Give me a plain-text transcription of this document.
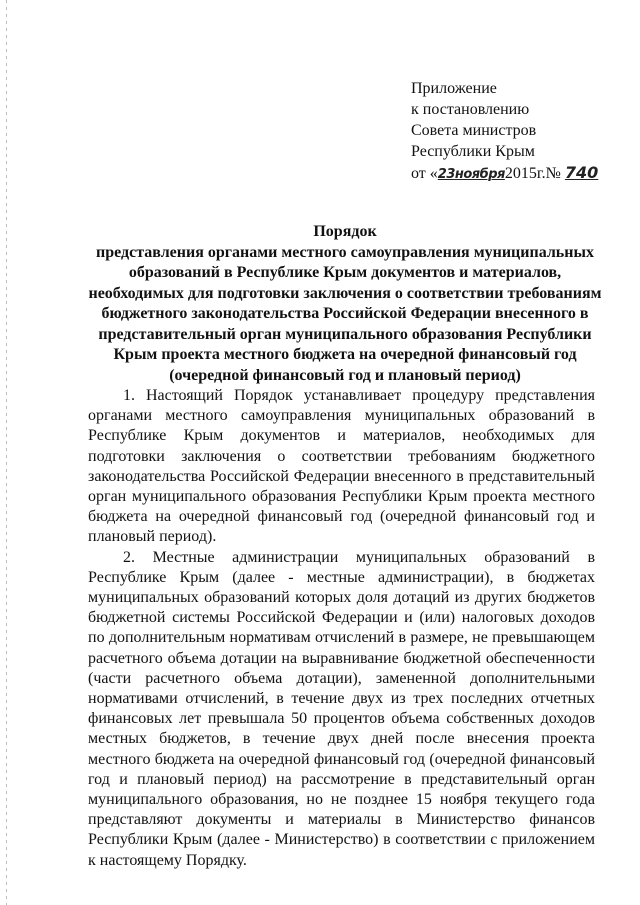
Приложение
к постановлению
Совета министров
Республики Крым
от «23ноября2015г.№ 740
Порядок
представления органами местного самоуправления муниципальных образований в Республике Крым документов и материалов, необходимых для подготовки заключения о соответствии требованиям бюджетного законодательства Российской Федерации внесенного в представительный орган муниципального образования Республики Крым проекта местного бюджета на очередной финансовый год (очередной финансовый год и плановый период)

1. Настоящий Порядок устанавливает процедуру представления органами местного самоуправления муниципальных образований в Республике Крым документов и материалов, необходимых для подготовки заключения о соответствии требованиям бюджетного законодательства Российской Федерации внесенного в представительный орган муниципального образования Республики Крым проекта местного бюджета на очередной финансовый год (очередной финансовый год и плановый период).

2. Местные администрации муниципальных образований в Республике Крым (далее - местные администрации), в бюджетах муниципальных образований которых доля дотаций из других бюджетов бюджетной системы Российской Федерации и (или) налоговых доходов по дополнительным нормативам отчислений в размере, не превышающем расчетного объема дотации на выравнивание бюджетной обеспеченности (части расчетного объема дотации), замененной дополнительными нормативами отчислений, в течение двух из трех последних отчетных финансовых лет превышала 50 процентов объема собственных доходов местных бюджетов, в течение двух дней после внесения проекта местного бюджета на очередной финансовый год (очередной финансовый год и плановый период) на рассмотрение в представительный орган муниципального образования, но не позднее 15 ноября текущего года представляют документы и материалы в Министерство финансов Республики Крым (далее - Министерство) в соответствии с приложением к настоящему Порядку.
